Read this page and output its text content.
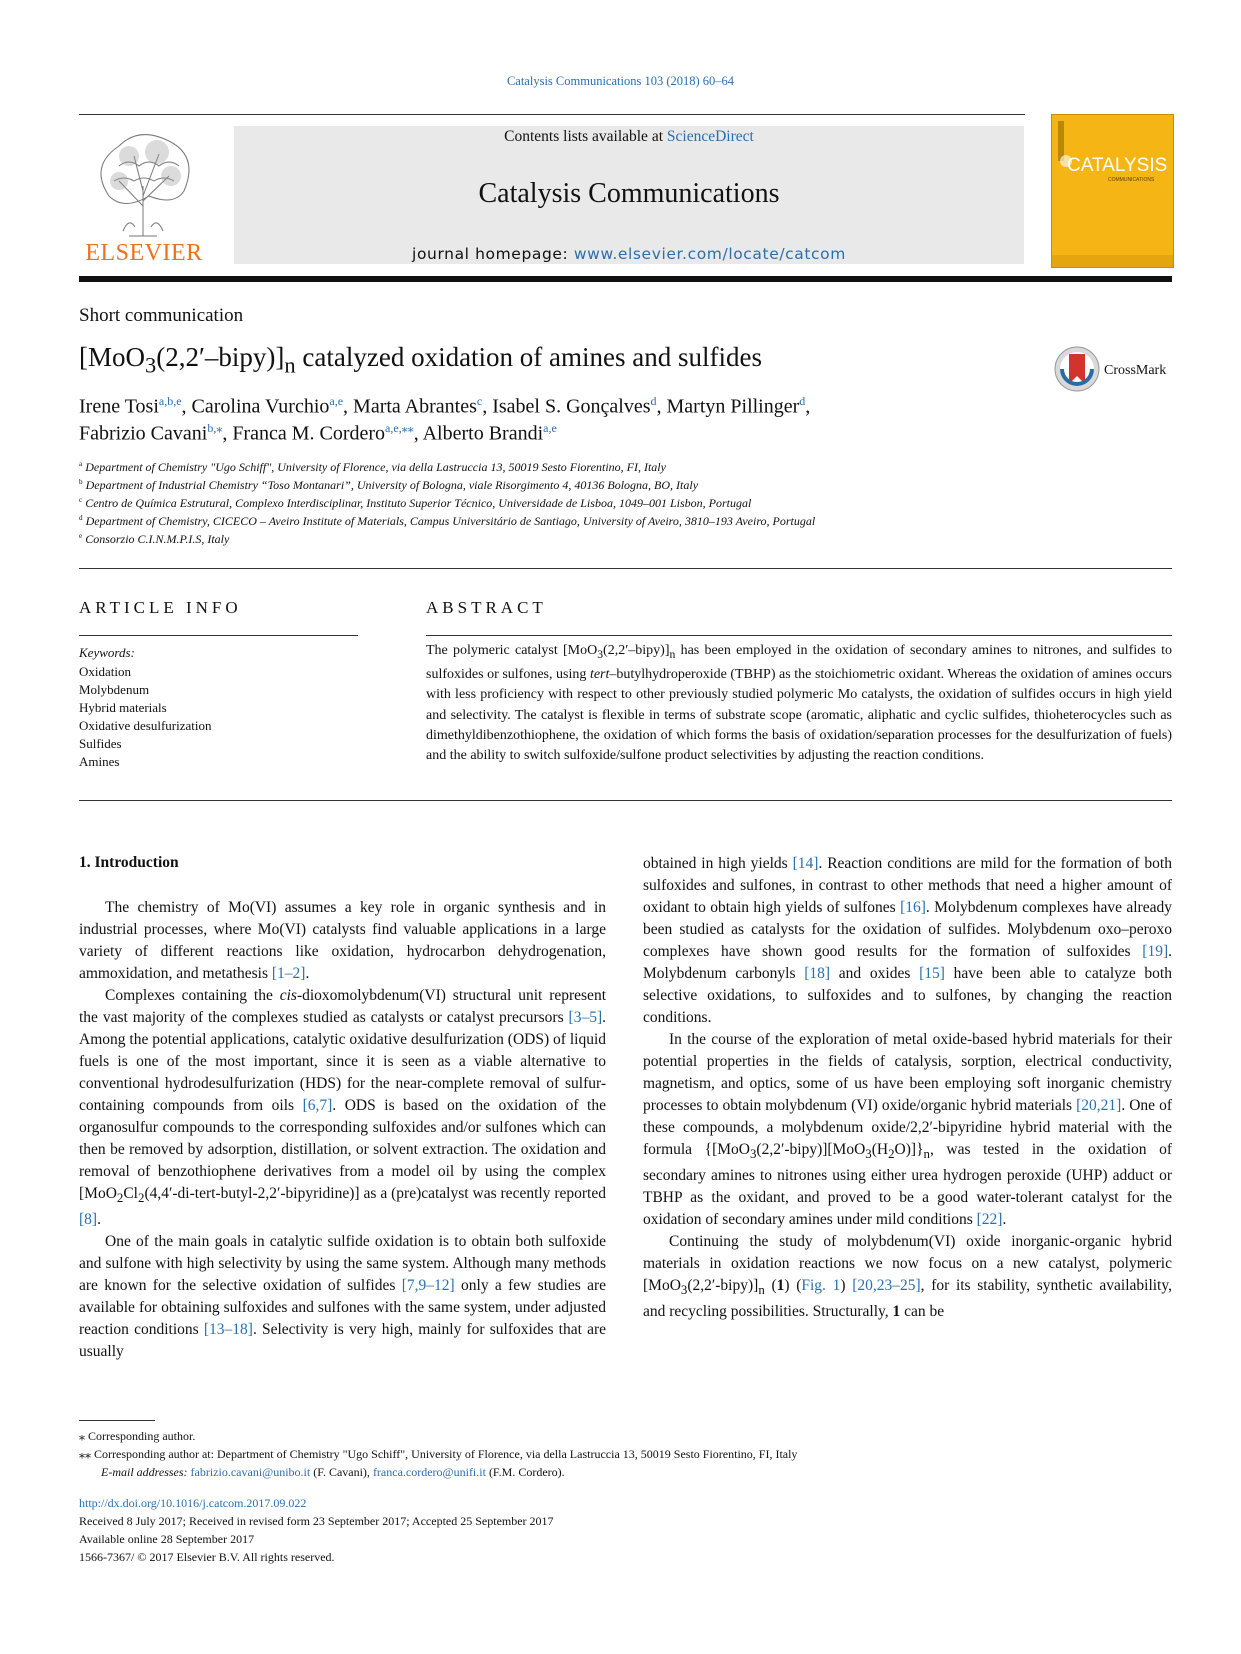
Catalysis Communications 103 (2018) 60–64
ELSEVIER
Contents lists available at ScienceDirect
Catalysis Communications
journal homepage: www.elsevier.com/locate/catcom
CATALYSIS
COMMUNICATIONS
Short communication
$[MoO_3(2,2'-bipy)]_n$ catalyzed oxidation of amines and sulfides	CrossMark
Irene Tosi$^{a,b,e}$, Carolina Vurchio$^{a,e}$, Marta Abrantes$^c$, Isabel S. Gonçalves$^d$, Martyn Pillinger$^d$,
Fabrizio Cavani$^{b,⁎}$, Franca M. Cordero$^{a,e,⁎⁎}$, Alberto Brandi$^{a,e}$
$^a$ Department of Chemistry "Ugo Schiff", University of Florence, via della Lastruccia 13, 50019 Sesto Fiorentino, FI, Italy
$^b$ Department of Industrial Chemistry “Toso Montanari”, University of Bologna, viale Risorgimento 4, 40136 Bologna, BO, Italy
$^c$ Centro de Química Estrutural, Complexo Interdisciplinar, Instituto Superior Técnico, Universidade de Lisboa, 1049–001 Lisbon, Portugal
$^d$ Department of Chemistry, CICECO – Aveiro Institute of Materials, Campus Universitário de Santiago, University of Aveiro, 3810–193 Aveiro, Portugal
$^e$ Consorzio C.I.N.M.P.I.S, Italy
ARTICLE INFO	ABSTRACT
Keywords:
Oxidation
Molybdenum
Hybrid materials
Oxidative desulfurization
Sulfides
Amines
The polymeric catalyst $[MoO_3(2,2'-bipy)]_n$ has been employed in the oxidation of secondary amines to nitrones, and sulfides to sulfoxides or sulfones, using tert–butylhydroperoxide (TBHP) as the stoichiometric oxidant. Whereas the oxidation of amines occurs with less proficiency with respect to other previously studied polymeric Mo catalysts, the oxidation of sulfides occurs in high yield and selectivity. The catalyst is flexible in terms of substrate scope (aromatic, aliphatic and cyclic sulfides, thioheterocycles such as dimethyldibenzothiophene, the oxidation of which forms the basis of oxidation/separation processes for the desulfurization of fuels) and the ability to switch sulfoxide/sulfone product selectivities by adjusting the reaction conditions.
1. Introduction

The chemistry of Mo(VI) assumes a key role in organic synthesis and in industrial processes, where Mo(VI) catalysts find valuable applications in a large variety of different reactions like oxidation, hydrocarbon dehydrogenation, ammoxidation, and metathesis [1–2].

Complexes containing the cis-dioxomolybdenum(VI) structural unit represent the vast majority of the complexes studied as catalysts or catalyst precursors [3–5]. Among the potential applications, catalytic oxidative desulfurization (ODS) of liquid fuels is one of the most important, since it is seen as a viable alternative to conventional hydrodesulfurization (HDS) for the near-complete removal of sulfur-containing compounds from oils [6,7]. ODS is based on the oxidation of the organosulfur compounds to the corresponding sulfoxides and/or sulfones which can then be removed by adsorption, distillation, or solvent extraction. The oxidation and removal of benzothiophene derivatives from a model oil by using the complex $[MoO_2Cl_2(4,4'-di-tert-butyl-2,2'-bipyridine)]$ as a (pre)catalyst was recently reported [8].

One of the main goals in catalytic sulfide oxidation is to obtain both sulfoxide and sulfone with high selectivity by using the same system. Although many methods are known for the selective oxidation of sulfides [7,9–12] only a few studies are available for obtaining sulfoxides and sulfones with the same system, under adjusted reaction conditions [13–18]. Selectivity is very high, mainly for sulfoxides that are usually

obtained in high yields [14]. Reaction conditions are mild for the formation of both sulfoxides and sulfones, in contrast to other methods that need a higher amount of oxidant to obtain high yields of sulfones [16]. Molybdenum complexes have already been studied as catalysts for the oxidation of sulfides. Molybdenum oxo–peroxo complexes have shown good results for the formation of sulfoxides [19]. Molybdenum carbonyls [18] and oxides [15] have been able to catalyze both selective oxidations, to sulfoxides and to sulfones, by changing the reaction conditions.

In the course of the exploration of metal oxide-based hybrid materials for their potential properties in the fields of catalysis, sorption, electrical conductivity, magnetism, and optics, some of us have been employing soft inorganic chemistry processes to obtain molybdenum (VI) oxide/organic hybrid materials [20,21]. One of these compounds, a molybdenum oxide/2,2′-bipyridine hybrid material with the formula $\{[MoO_3(2,2'-bipy)][MoO_3(H_2O)]\}_n$, was tested in the oxidation of secondary amines to nitrones using either urea hydrogen peroxide (UHP) adduct or TBHP as the oxidant, and proved to be a good water-tolerant catalyst for the oxidation of secondary amines under mild conditions [22].

Continuing the study of molybdenum(VI) oxide inorganic-organic hybrid materials in oxidation reactions we now focus on a new catalyst, polymeric $[MoO_3(2,2'-bipy)]_n$ (1) (Fig. 1) [20,23–25], for its stability, synthetic availability, and recycling possibilities. Structurally, 1 can be

⁎ Corresponding author.
⁎⁎ Corresponding author at: Department of Chemistry "Ugo Schiff", University of Florence, via della Lastruccia 13, 50019 Sesto Fiorentino, FI, Italy
E-mail addresses: fabrizio.cavani@unibo.it (F. Cavani), franca.cordero@unifi.it (F.M. Cordero).
http://dx.doi.org/10.1016/j.catcom.2017.09.022
Received 8 July 2017; Received in revised form 23 September 2017; Accepted 25 September 2017
Available online 28 September 2017
1566-7367/ © 2017 Elsevier B.V. All rights reserved.
